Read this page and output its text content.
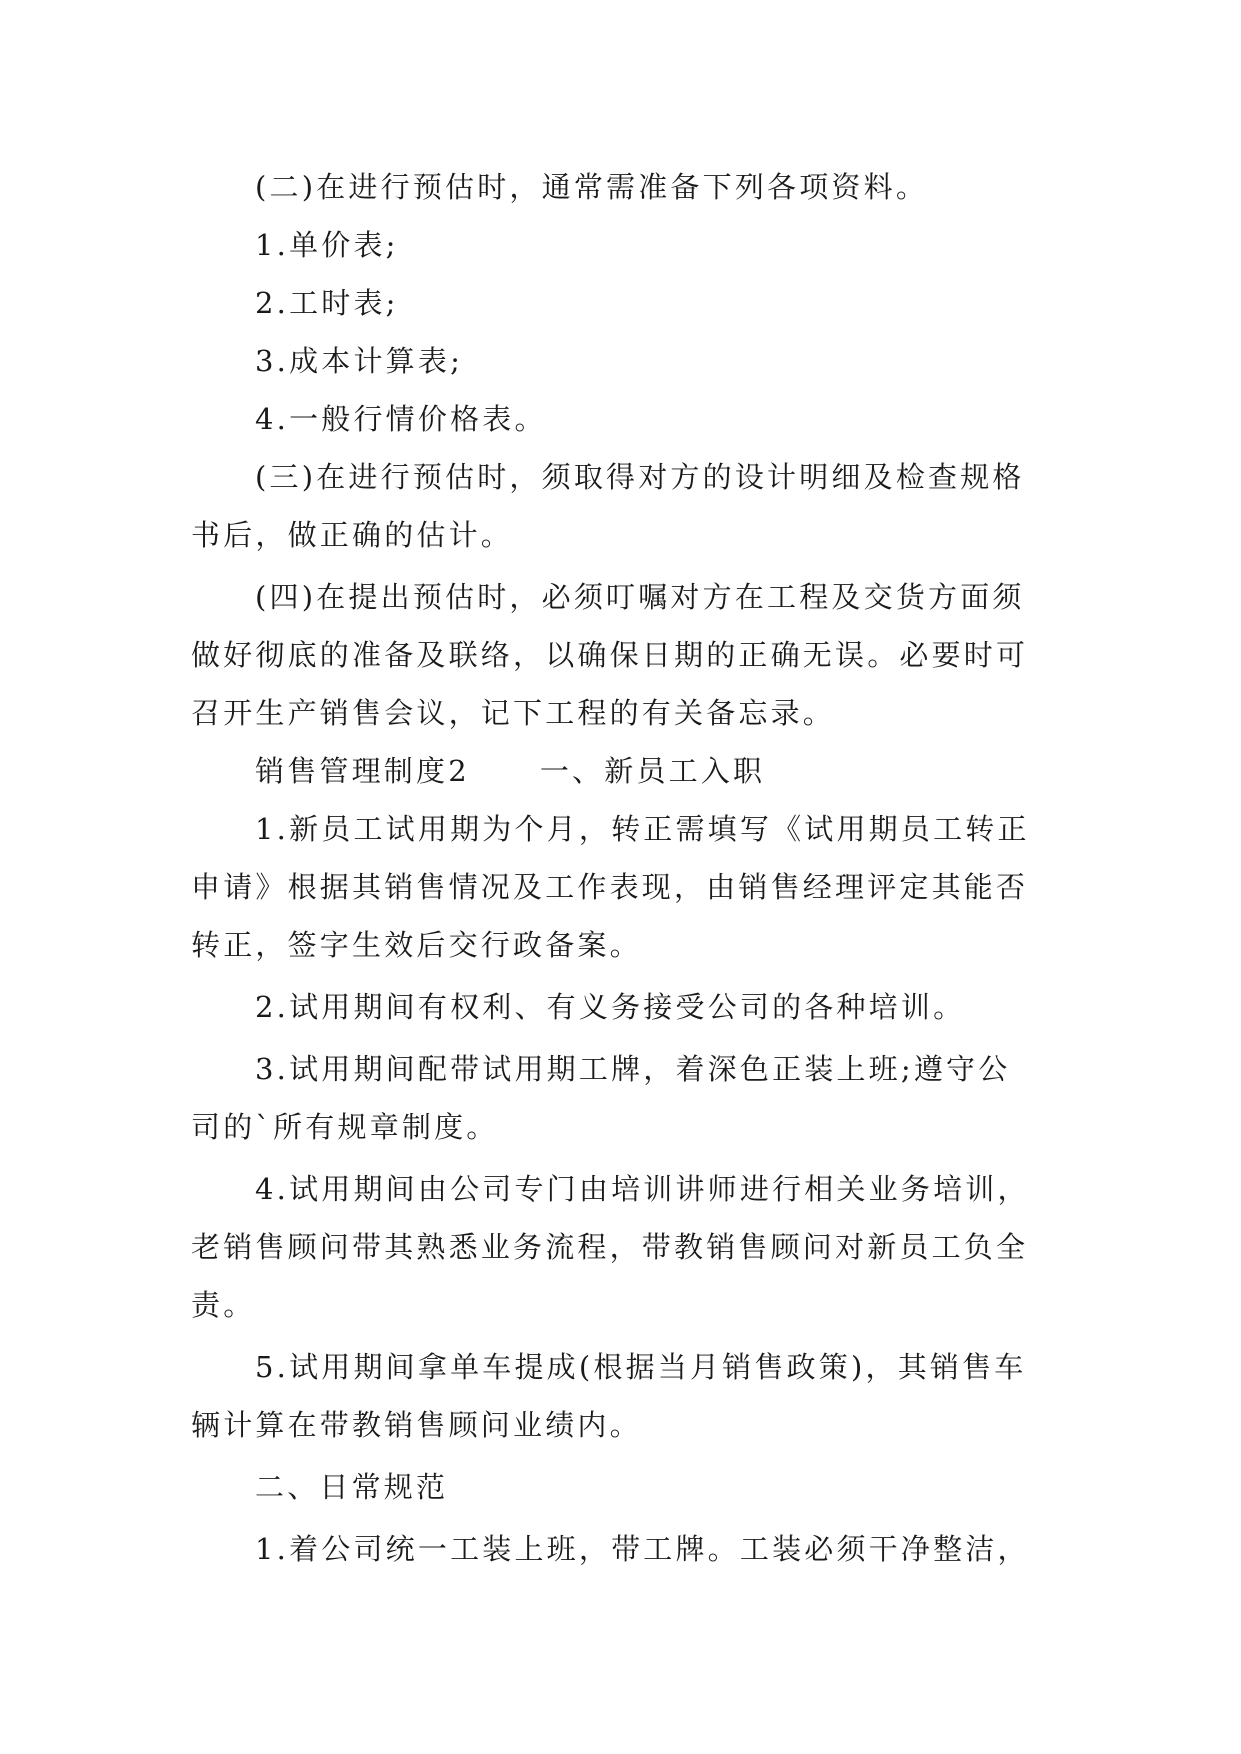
(二)在进行预估时，通常需准备下列各项资料。
1.单价表;
2.工时表;
3.成本计算表;
4.一般行情价格表。
(三)在进行预估时，须取得对方的设计明细及检查规格
书后，做正确的估计。
(四)在提出预估时，必须叮嘱对方在工程及交货方面须
做好彻底的准备及联络，以确保日期的正确无误。必要时可
召开生产销售会议，记下工程的有关备忘录。
销售管理制度2 一、新员工入职
1.新员工试用期为个月，转正需填写《试用期员工转正
申请》根据其销售情况及工作表现，由销售经理评定其能否
转正，签字生效后交行政备案。
2.试用期间有权利、有义务接受公司的各种培训。
3.试用期间配带试用期工牌，着深色正装上班;遵守公
司的`所有规章制度。
4.试用期间由公司专门由培训讲师进行相关业务培训，
老销售顾问带其熟悉业务流程，带教销售顾问对新员工负全
责。
5.试用期间拿单车提成(根据当月销售政策)，其销售车
辆计算在带教销售顾问业绩内。
二、日常规范
1.着公司统一工装上班，带工牌。工装必须干净整洁，
